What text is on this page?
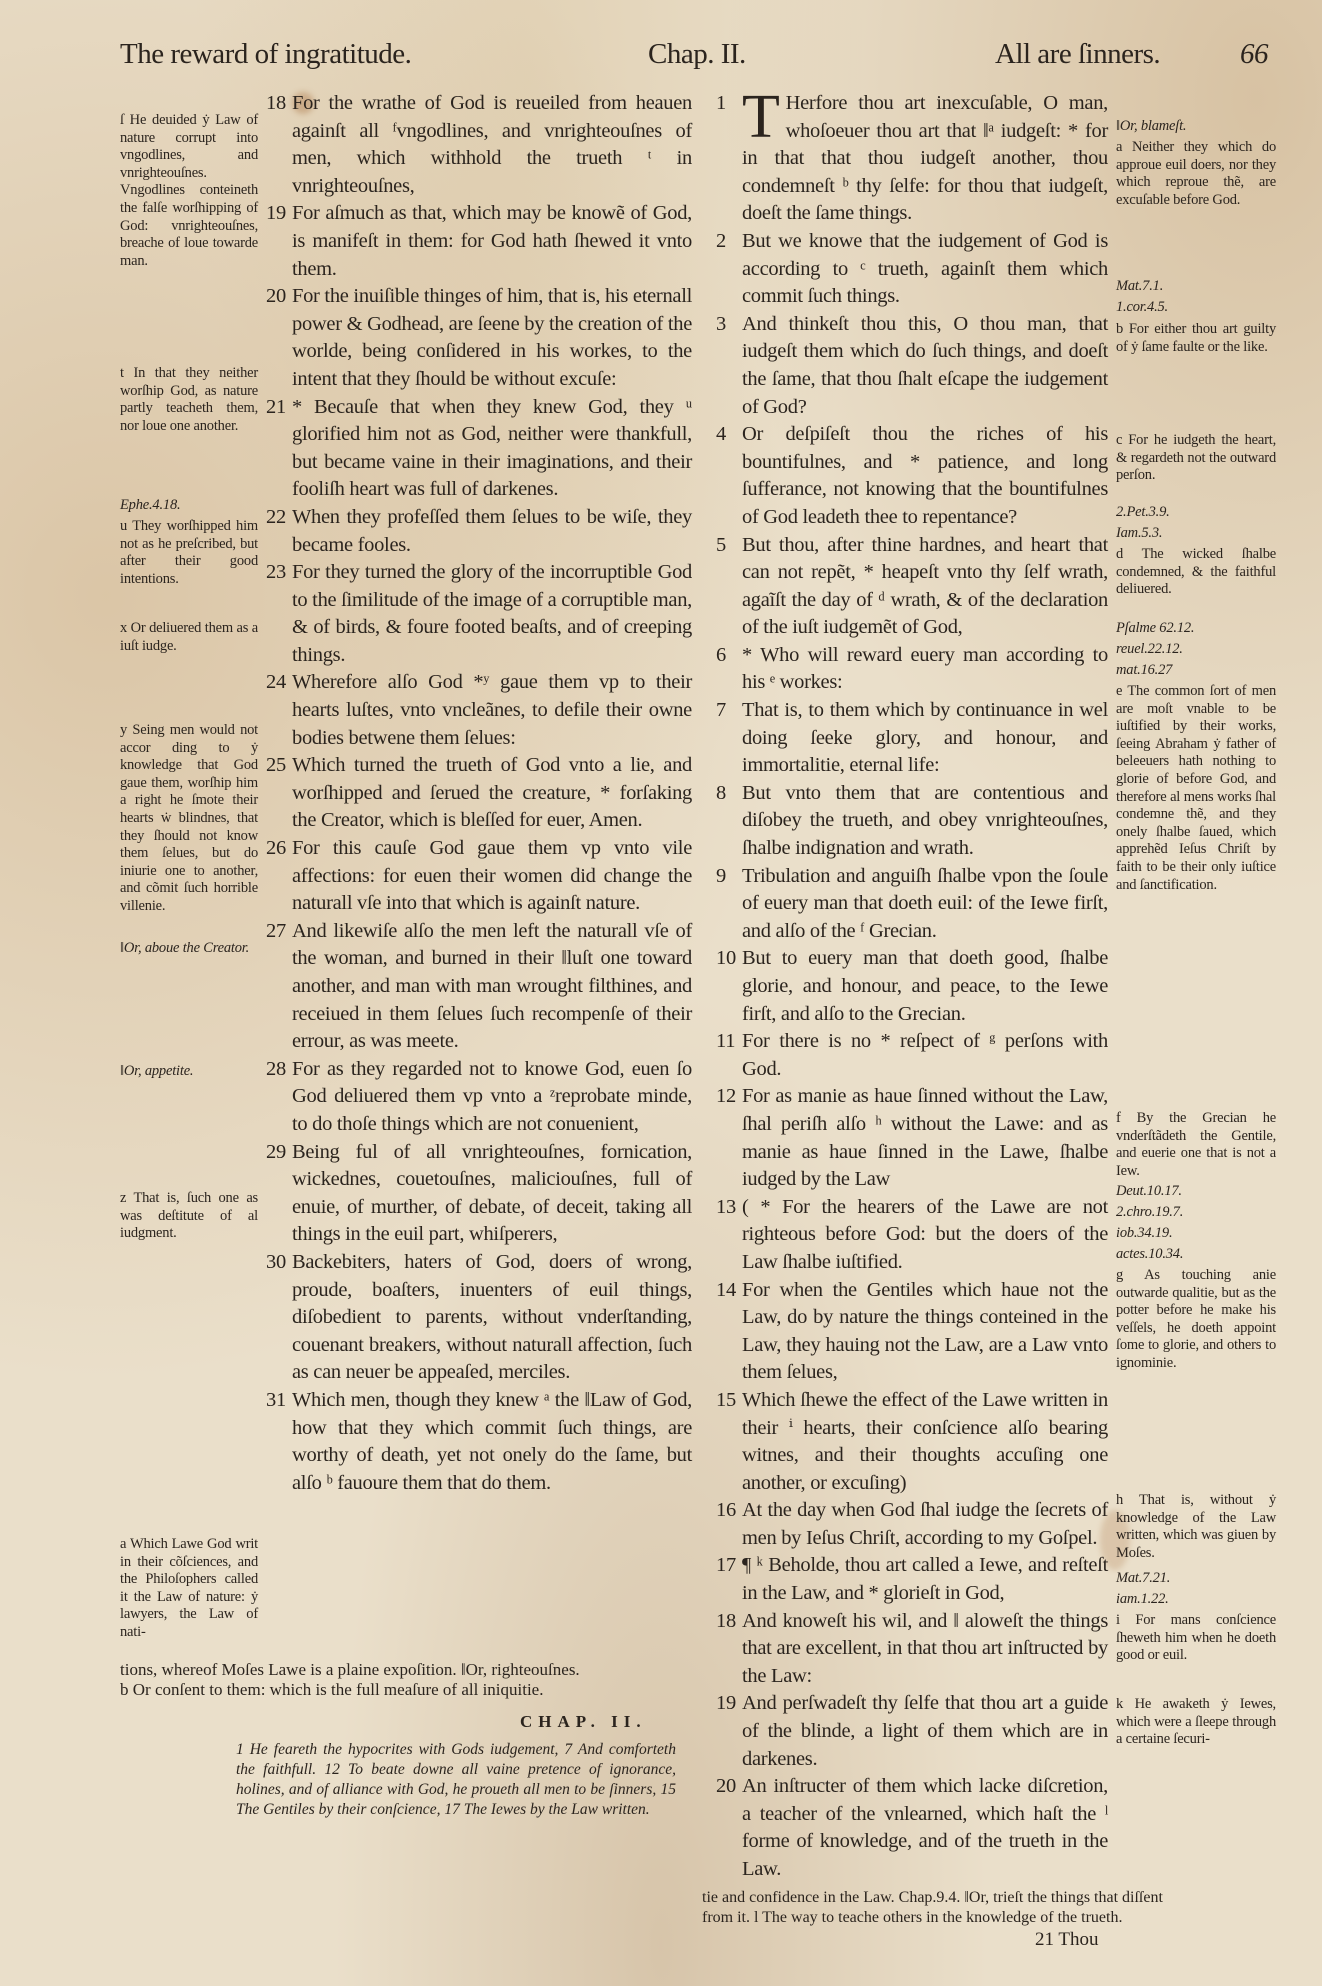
The reward of ingratitude.	Chap. II.	All are ſinners.	66
18 For the wrathe of God is reueiled from heauen againſt all ᶠvngodlines, and vnrighteouſnes of men, which withhold the trueth ᵗ in vnrighteouſnes,
19 For aſmuch as that, which may be knowẽ of God, is manifeſt in them: for God hath ſhewed it vnto them.
20 For the inuiſible thinges of him, that is, his eternall power & Godhead, are ſeene by the creation of the worlde, being conſidered in his workes, to the intent that they ſhould be without excuſe:
21 * Becauſe that when they knew God, they ᵘ glorified him not as God, neither were thankfull, but became vaine in their imaginations, and their fooliſh heart was full of darkenes.
22 When they profeſſed them ſelues to be wiſe, they became fooles.
23 For they turned the glory of the incorruptible God to the ſimilitude of the image of a corruptible man, & of birds, & foure footed beaſts, and of creeping things.
24 Wherefore alſo God *ʸ gaue them vp to their hearts luſtes, vnto vncleãnes, to defile their owne bodies betwene them ſelues:
25 Which turned the trueth of God vnto a lie, and worſhipped and ſerued the creature, * forſaking the Creator, which is bleſſed for euer, Amen.
26 For this cauſe God gaue them vp vnto vile affections: for euen their women did change the naturall vſe into that which is againſt nature.
27 And likewiſe alſo the men left the naturall vſe of the woman, and burned in their ‖luſt one toward another, and man with man wrought filthines, and receiued in them ſelues ſuch recompenſe of their errour, as was meete.
28 For as they regarded not to knowe God, euen ſo God deliuered them vp vnto a ᶻreprobate minde, to do thoſe things which are not conuenient,
29 Being ful of all vnrighteouſnes, fornication, wickednes, couetouſnes, maliciouſnes, full of enuie, of murther, of debate, of deceit, taking all things in the euil part, whiſperers,
30 Backebiters, haters of God, doers of wrong, proude, boaſters, inuenters of euil things, diſobedient to parents, without vnderſtanding, couenant breakers, without naturall affection, ſuch as can neuer be appeaſed, merciles.
31 Which men, though they knew ᵃ the ‖Law of God, how that they which commit ſuch things, are worthy of death, yet not onely do the ſame, but alſo ᵇ fauoure them that do them.
1 T Herfore thou art inexcuſable, O man, whoſoeuer thou art that ‖ᵃ iudgeſt: * for in that that thou iudgeſt another, thou condemneſt ᵇ thy ſelfe: for thou that iudgeſt, doeſt the ſame things.
2 But we knowe that the iudgement of God is according to ᶜ trueth, againſt them which commit ſuch things.
3 And thinkeſt thou this, O thou man, that iudgeſt them which do ſuch things, and doeſt the ſame, that thou ſhalt eſcape the iudgement of God?
4 Or deſpiſeſt thou the riches of his bountifulnes, and * patience, and long ſufferance, not knowing that the bountifulnes of God leadeth thee to repentance?
5 But thou, after thine hardnes, and heart that can not repẽt, * heapeſt vnto thy ſelf wrath, agaĩſt the day of ᵈ wrath, & of the declaration of the iuſt iudgemẽt of God,
6 * Who will reward euery man according to his ᵉ workes:
7 That is, to them which by continuance in wel doing ſeeke glory, and honour, and immortalitie, eternal life:
8 But vnto them that are contentious and diſobey the trueth, and obey vnrighteouſnes, ſhalbe indignation and wrath.
9 Tribulation and anguiſh ſhalbe vpon the ſoule of euery man that doeth euil: of the Iewe firſt, and alſo of the ᶠ Grecian.
10 But to euery man that doeth good, ſhalbe glorie, and honour, and peace, to the Iewe firſt, and alſo to the Grecian.
11 For there is no * reſpect of ᵍ perſons with God.
12 For as manie as haue ſinned without the Law, ſhal periſh alſo ʰ without the Lawe: and as manie as haue ſinned in the Lawe, ſhalbe iudged by the Law
13 ( * For the hearers of the Lawe are not righteous before God: but the doers of the Law ſhalbe iuſtified.
14 For when the Gentiles which haue not the Law, do by nature the things conteined in the Law, they hauing not the Law, are a Law vnto them ſelues,
15 Which ſhewe the effect of the Lawe written in their ⁱ hearts, their conſcience alſo bearing witnes, and their thoughts accuſing one another, or excuſing)
16 At the day when God ſhal iudge the ſecrets of men by Ieſus Chriſt, according to my Goſpel.
17 ¶ ᵏ Beholde, thou art called a Iewe, and reſteſt in the Law, and * glorieſt in God,
18 And knoweſt his wil, and ‖ aloweſt the things that are excellent, in that thou art inſtructed by the Law:
19 And perſwadeſt thy ſelfe that thou art a guide of the blinde, a light of them which are in darkenes.
20 An inſtructer of them which lacke diſcretion, a teacher of the vnlearned, which haſt the ˡ forme of knowledge, and of the trueth in the Law.
ſ He deuided ẏ Law of nature corrupt into vngodlines, and vnrighteouſnes. Vngodlines conteineth the falſe worſhipping of God: vnrighteouſnes, breache of loue towarde man.
t In that they neither worſhip God, as nature partly teacheth them, nor loue one another.
Ephe.4.18.
u They worſhipped him not as he preſcribed, but after their good intentions.
x Or deliuered them as a iuſt iudge.
y Seing men would not accor ding to ẏ knowledge that God gaue them, worſhip him a right he ſmote their hearts ẇ blindnes, that they ſhould not know them ſelues, but do iniurie one to another, and cõmit ſuch horrible villenie.
‖Or, aboue the Creator.
‖Or, appetite.
z That is, ſuch one as was deſtitute of al iudgment.
a Which Lawe God writ in their cõſciences, and the Philoſophers called it the Law of nature: ẏ lawyers, the Law of nati-
‖Or, blameſt.
a Neither they which do approue euil doers, nor they which reproue thẽ, are excuſable before God.
Mat.7.1.
1.cor.4.5.
b For either thou art guilty of ẏ ſame faulte or the like.
c For he iudgeth the heart, & regardeth not the outward perſon.
2.Pet.3.9.
Iam.5.3.
d The wicked ſhalbe condemned, & the faithful deliuered.
Pſalme 62.12.
reuel.22.12.
mat.16.27
e The common ſort of men are moſt vnable to be iuſtified by their works, ſeeing Abraham ẏ father of beleeuers hath nothing to glorie of before God, and therefore al mens works ſhal condemne thẽ, and they onely ſhalbe ſaued, which apprehẽd Ieſus Chriſt by faith to be their only iuſtice and ſanctification.
f By the Grecian he vnderſtãdeth the Gentile, and euerie one that is not a Iew.
Deut.10.17.
2.chro.19.7.
iob.34.19.
actes.10.34.
g As touching anie outwarde qualitie, but as the potter before he make his veſſels, he doeth appoint ſome to glorie, and others to ignominie.
h That is, without ẏ knowledge of the Law written, which was giuen by Moſes.
Mat.7.21.
iam.1.22.
i For mans conſcience ſheweth him when he doeth good or euil.
k He awaketh ẏ Iewes, which were a ſleepe through a certaine ſecuri-
tions, whereof Moſes Lawe is a plaine expoſition. ‖Or, righteouſnes.
b Or conſent to them: which is the full meaſure of all iniquitie.
tie and confidence in the Law. Chap.9.4. ‖Or, trieſt the things that diſſent
from it. l The way to teache others in the knowledge of the trueth.
CHAP. II.
1 He feareth the hypocrites with Gods iudgement, 7 And comforteth the faithfull. 12 To beate downe all vaine pretence of ignorance, holines, and of alliance with God, he proueth all men to be ſinners, 15 The Gentiles by their conſcience, 17 The Iewes by the Law written.
21 Thou
